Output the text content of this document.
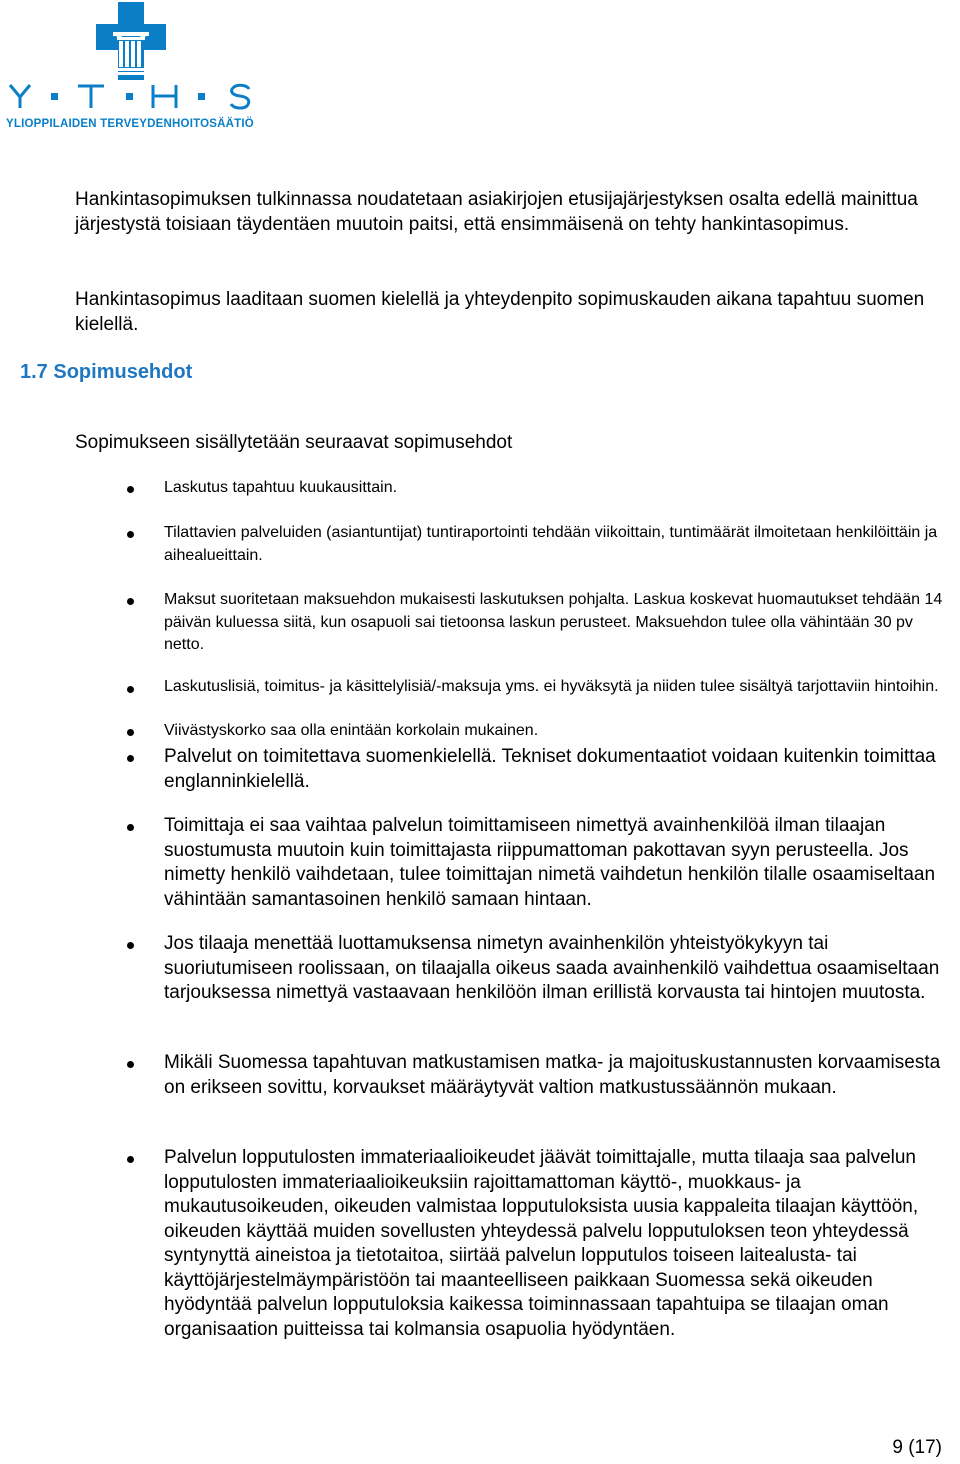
YLIOPPILAIDEN TERVEYDENHOITOSÄÄTIÖ

Hankintasopimuksen tulkinnassa noudatetaan asiakirjojen etusijajärjestyksen osalta edellä mainittua järjestystä toisiaan täydentäen muutoin paitsi, että ensimmäisenä on tehty hankintasopimus.

Hankintasopimus laaditaan suomen kielellä ja yhteydenpito sopimuskauden aikana tapahtuu suomen kielellä.

1.7 Sopimusehdot

Sopimukseen sisällytetään seuraavat sopimusehdot

Laskutus tapahtuu kuukausittain.

Tilattavien palveluiden (asiantuntijat) tuntiraportointi tehdään viikoittain, tuntimäärät ilmoitetaan henkilöittäin ja aihealueittain.

Maksut suoritetaan maksuehdon mukaisesti laskutuksen pohjalta. Laskua koskevat huomautukset tehdään 14 päivän kuluessa siitä, kun osapuoli sai tietoonsa laskun perusteet. Maksuehdon tulee olla vähintään 30 pv netto.

Laskutuslisiä, toimitus- ja käsittelylisiä/-maksuja yms. ei hyväksytä ja niiden tulee sisältyä tarjottaviin hintoihin.

Viivästyskorko saa olla enintään korkolain mukainen.

Palvelut on toimitettava suomenkielellä. Tekniset dokumentaatiot voidaan kuitenkin toimittaa englanninkielellä.

Toimittaja ei saa vaihtaa palvelun toimittamiseen nimettyä avainhenkilöä ilman tilaajan suostumusta muutoin kuin toimittajasta riippumattoman pakottavan syyn perusteella. Jos nimetty henkilö vaihdetaan, tulee toimittajan nimetä vaihdetun henkilön tilalle osaamiseltaan vähintään samantasoinen henkilö samaan hintaan.

Jos tilaaja menettää luottamuksensa nimetyn avainhenkilön yhteistyökykyyn tai suoriutumiseen roolissaan, on tilaajalla oikeus saada avainhenkilö vaihdettua osaamiseltaan tarjouksessa nimettyä vastaavaan henkilöön ilman erillistä korvausta tai hintojen muutosta.

Mikäli Suomessa tapahtuvan matkustamisen matka- ja majoituskustannusten korvaamisesta on erikseen sovittu, korvaukset määräytyvät valtion matkustussäännön mukaan.

Palvelun lopputulosten immateriaalioikeudet jäävät toimittajalle, mutta tilaaja saa palvelun lopputulosten immateriaalioikeuksiin rajoittamattoman käyttö-, muokkaus- ja mukautusoikeuden, oikeuden valmistaa lopputuloksista uusia kappaleita tilaajan käyttöön, oikeuden käyttää muiden sovellusten yhteydessä palvelu lopputuloksen teon yhteydessä syntynyttä aineistoa ja tietotaitoa, siirtää palvelun lopputulos toiseen laitealusta- tai käyttöjärjestelmäympäristöön tai maanteelliseen paikkaan Suomessa sekä oikeuden hyödyntää palvelun lopputuloksia kaikessa toiminnassaan tapahtuipa se tilaajan oman organisaation puitteissa tai kolmansia osapuolia hyödyntäen.

9 (17)
